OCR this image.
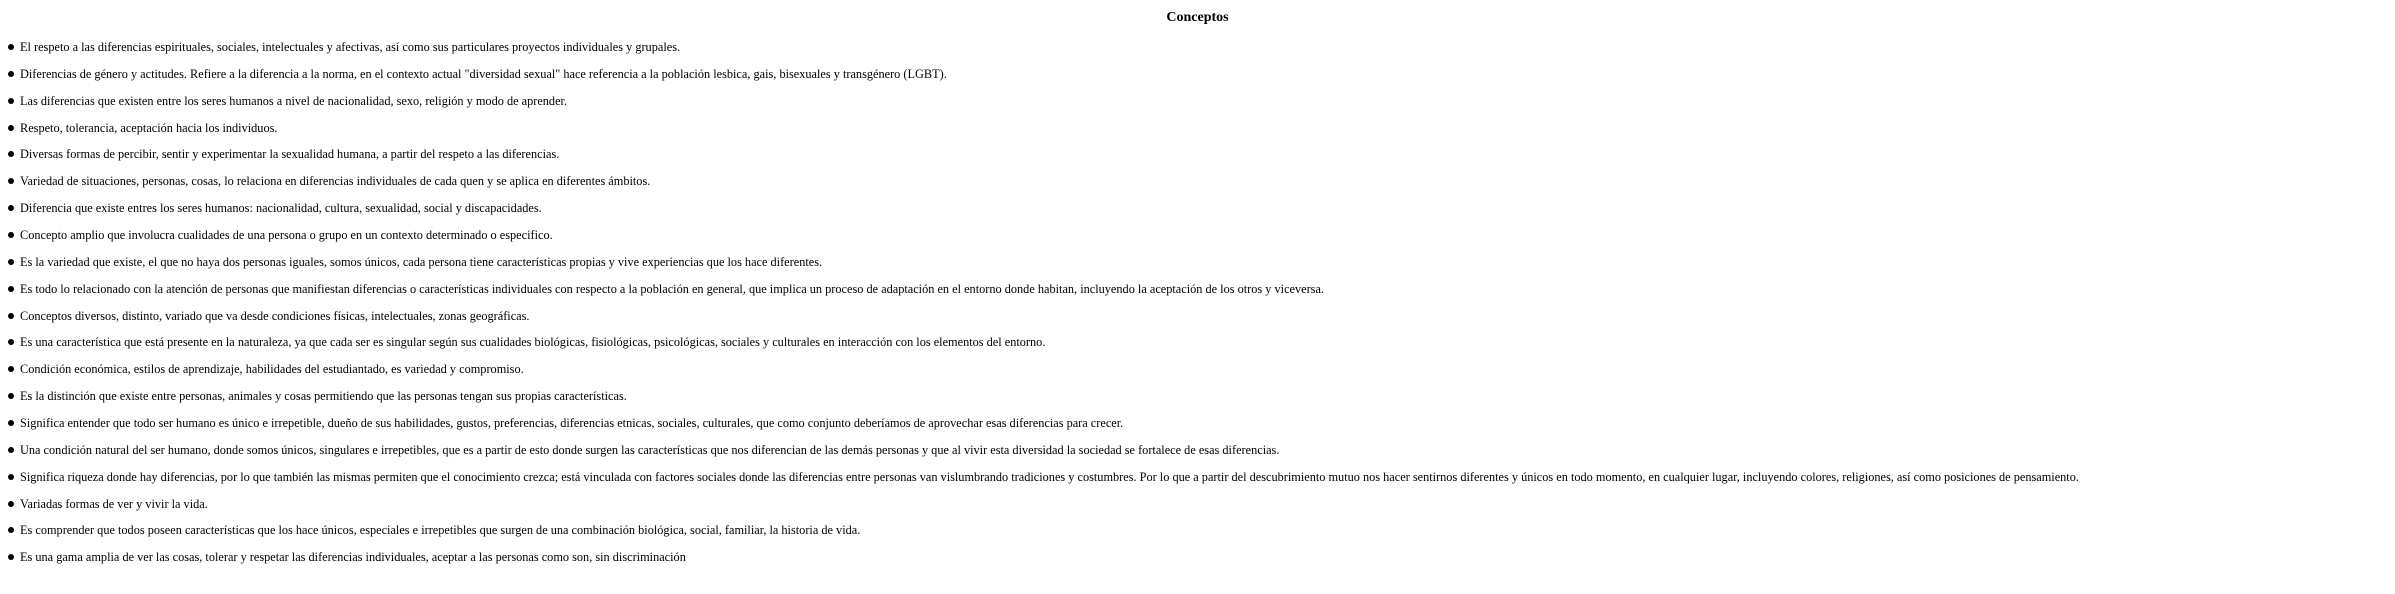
Conceptos
El respeto a las diferencias espirituales, sociales, intelectuales y afectivas, así como sus particulares proyectos individuales y grupales.
Diferencias de género y actitudes. Refiere a la diferencia a la norma, en el contexto actual "diversidad sexual" hace referencia a la población lesbica, gais, bisexuales y transgénero (LGBT).
Las diferencias que existen entre los seres humanos a nivel de nacionalidad, sexo, religión y modo de aprender.
Respeto, tolerancia, aceptación hacia los individuos.
Diversas formas de percibir, sentir y experimentar la sexualidad humana, a partir del respeto a las diferencias.
Variedad de situaciones, personas, cosas, lo relaciona en diferencias individuales de cada quen y se aplica en diferentes ámbitos.
Diferencia que existe entres los seres humanos: nacionalidad, cultura, sexualidad, social y discapacidades.
Concepto amplio que involucra cualidades de una persona o grupo en un contexto determinado o especifico.
Es la variedad que existe, el que no haya dos personas iguales, somos únicos, cada persona tiene características propias y vive experiencias que los hace diferentes.
Es todo lo relacionado con la atención de personas que manifiestan diferencias o características individuales con respecto a la población en general, que implica un proceso de adaptación en el entorno donde habitan, incluyendo la aceptación de los otros y viceversa.
Conceptos diversos, distinto, variado que va desde condiciones físicas, intelectuales, zonas geográficas.
Es una característica que está presente en la naturaleza, ya que cada ser es singular según sus cualidades biológicas, fisiológicas, psicológicas, sociales y culturales en interacción con los elementos del entorno.
Condición económica, estilos de aprendizaje, habilidades del estudiantado, es variedad y compromiso.
Es la distinción que existe entre personas, animales y cosas permitiendo que las personas tengan sus propias características.
Significa entender que todo ser humano es único e irrepetible, dueño de sus habilidades, gustos, preferencias, diferencias etnicas, sociales, culturales, que como conjunto deberíamos de aprovechar esas diferencias para crecer.
Una condición natural del ser humano, donde somos únicos, singulares e irrepetibles, que es a partir de esto donde surgen las características que nos diferencian de las demás personas y que al vivir esta diversidad la sociedad se fortalece de esas diferencias.
Significa riqueza donde hay diferencias, por lo que también las mismas permiten que el conocimiento crezca; está vinculada con factores sociales donde las diferencias entre personas van vislumbrando tradiciones y costumbres. Por lo que a partir del descubrimiento mutuo nos hacer sentirnos diferentes y únicos en todo momento, en cualquier lugar, incluyendo colores, religiones, así como posiciones de pensamiento.
Variadas formas de ver y vivir la vida.
Es comprender que todos poseen características que los hace únicos, especiales e irrepetibles que surgen de una combinación biológica, social, familiar, la historia de vida.
Es una gama amplia de ver las cosas, tolerar y respetar las diferencias individuales, aceptar a las personas como son, sin discriminación
